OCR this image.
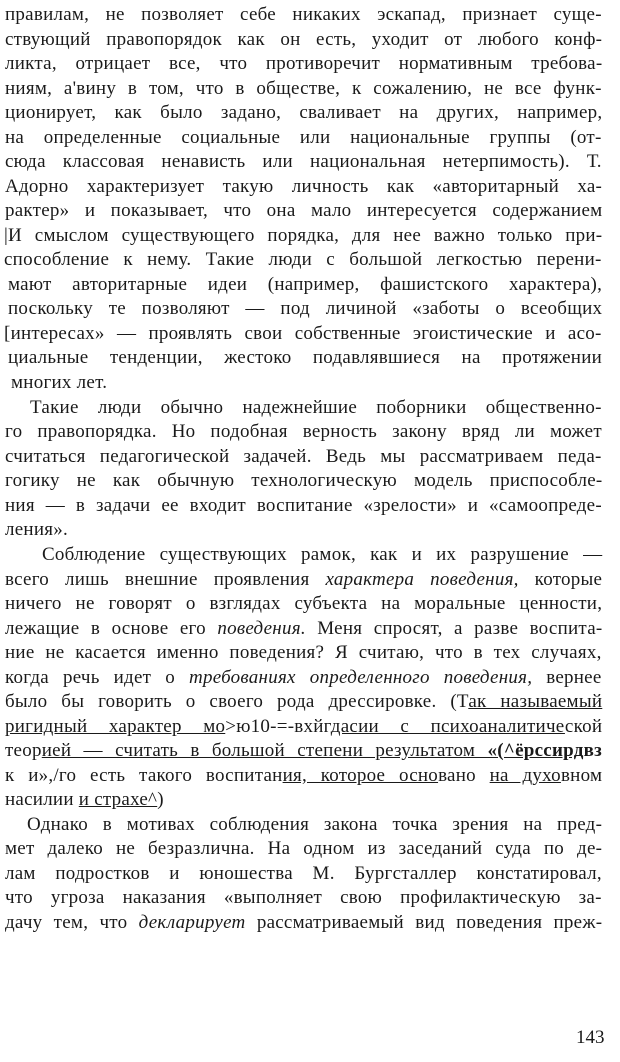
правилам, не позволяет себе никаких эскапад, признает суще-

ствующий правопорядок как он есть, уходит от любого конф-

ликта, отрицает все, что противоречит нормативным требова-

ниям, а'вину в том, что в обществе, к сожалению, не все функ-

ционирует, как было задано, сваливает на других, например,

на определенные социальные или национальные группы (от-

сюда классовая ненависть или национальная нетерпимость). Т.

Адорно характеризует такую личность как «авторитарный ха-

рактер» и показывает, что она мало интересуется содержанием

|И смыслом существующего порядка, для нее важно только при-

способление к нему. Такие люди с большой легкостью перени-

мают авторитарные идеи (например, фашистского характера),

поскольку те позволяют — под личиной «заботы о всеобщих

[интересах» — проявлять свои собственные эгоистические и асо-

циальные тенденции, жестоко подавлявшиеся на протяжении

многих лет.

Такие люди обычно надежнейшие поборники общественно-

го правопорядка. Но подобная верность закону вряд ли может

считаться педагогической задачей. Ведь мы рассматриваем педа-

гогику не как обычную технологическую модель приспособле-

ния — в задачи ее входит воспитание «зрелости» и «самоопреде-

ления».

Соблюдение существующих рамок, как и их разрушение —

всего лишь внешние проявления характера поведения, которые

ничего не говорят о взглядах субъекта на моральные ценности,

лежащие в основе его поведения. Меня спросят, а разве воспита-

ние не касается именно поведения? Я считаю, что в тех случаях,

когда речь идет о требованиях определенного поведения, вернее

было бы говорить о своего рода дрессировке. (Так называемый

ригидный характер мо>ю10-=-вхйгдасии с психоаналитической

теорией — считать в большой степени результатом «(^ёрссирдвз

к и»,/го есть такого воспитания, которое основано на духовном

насилии и страхе^)

Однако в мотивах соблюдения закона точка зрения на пред-

мет далеко не безразлична. На одном из заседаний суда по де-

лам подростков и юношества М. Бургсталлер констатировал,

что угроза наказания «выполняет свою профилактическую за-

дачу тем, что декларирует рассматриваемый вид поведения преж-

143
